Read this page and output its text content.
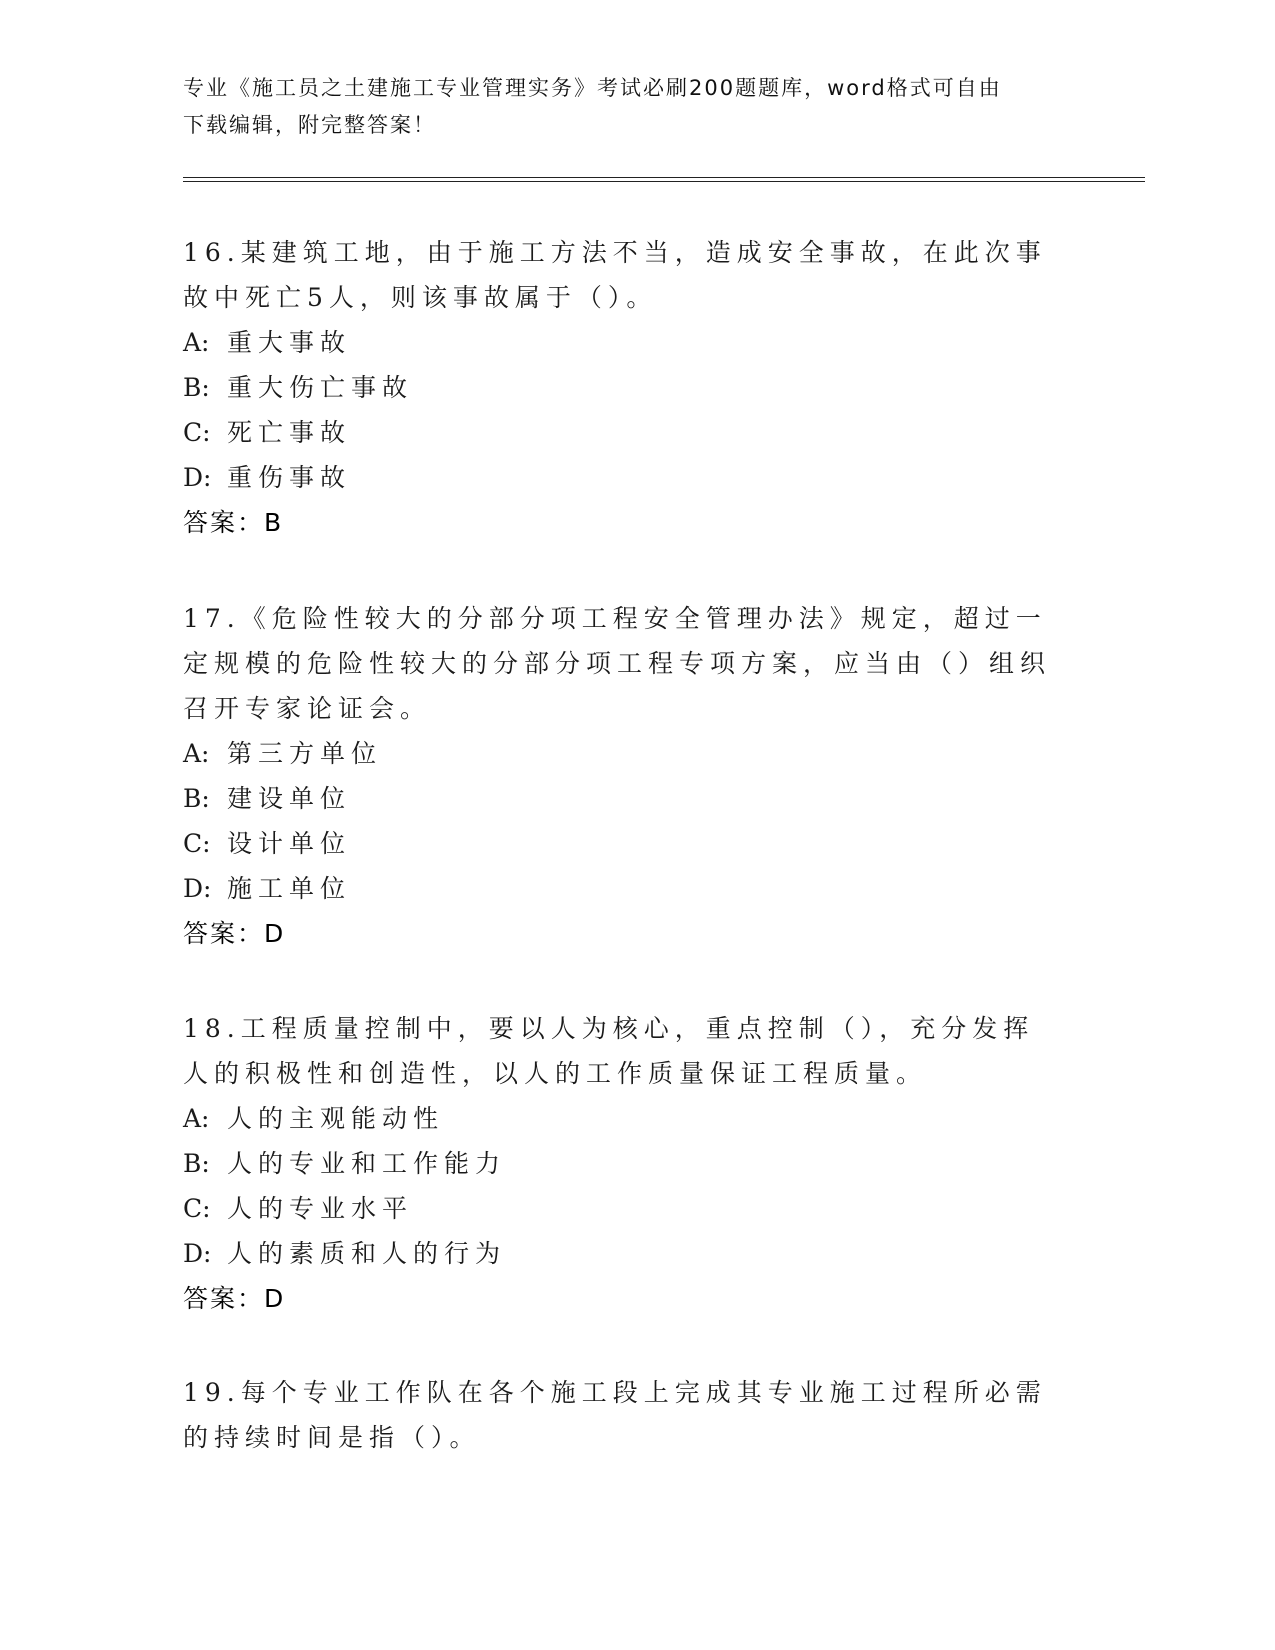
专业《施工员之土建施工专业管理实务》考试必刷200题题库，word格式可自由
下载编辑，附完整答案！

16.某建筑工地，由于施工方法不当，造成安全事故，在此次事故中死亡5人，则该事故属于（）。

A: 重大事故

B: 重大伤亡事故

C: 死亡事故

D: 重伤事故

答案：B

17.《危险性较大的分部分项工程安全管理办法》规定，超过一定规模的危险性较大的分部分项工程专项方案，应当由（）组织召开专家论证会。

A: 第三方单位

B: 建设单位

C: 设计单位

D: 施工单位

答案：D

18.工程质量控制中，要以人为核心，重点控制（），充分发挥人的积极性和创造性，以人的工作质量保证工程质量。

A: 人的主观能动性

B: 人的专业和工作能力

C: 人的专业水平

D: 人的素质和人的行为

答案：D

19.每个专业工作队在各个施工段上完成其专业施工过程所必需的持续时间是指（）。
